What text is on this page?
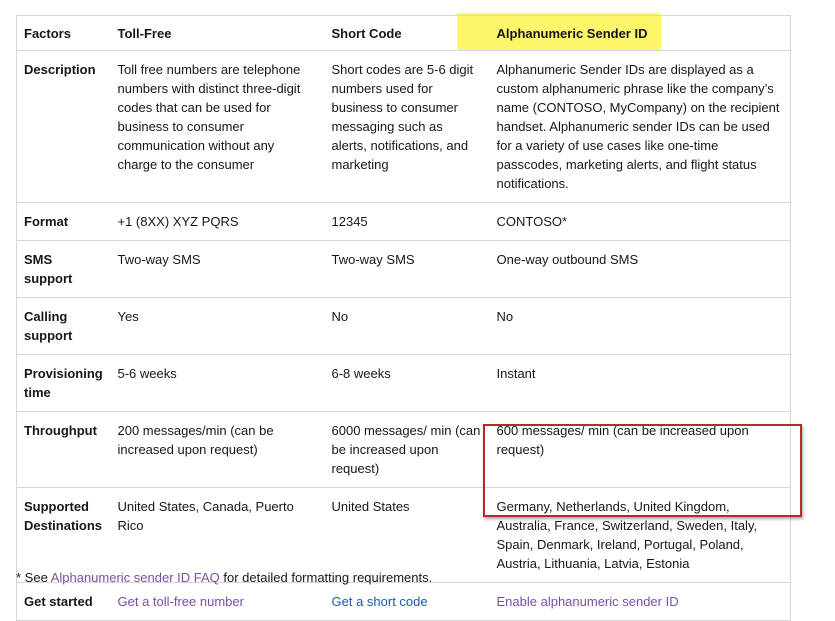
Factors	Toll-Free	Short Code	Alphanumeric Sender ID
Description	Toll free numbers are telephone numbers with distinct three-digit codes that can be used for business to consumer communication without any charge to the consumer	Short codes are 5-6 digit numbers used for business to consumer messaging such as alerts, notifications, and marketing	Alphanumeric Sender IDs are displayed as a custom alphanumeric phrase like the company’s name (CONTOSO, MyCompany) on the recipient handset. Alphanumeric sender IDs can be used for a variety of use cases like one-time passcodes, marketing alerts, and flight status notifications.
Format	+1 (8XX) XYZ PQRS	12345	CONTOSO*
SMS support	Two-way SMS	Two-way SMS	One-way outbound SMS
Calling support	Yes	No	No
Provisioning time	5-6 weeks	6-8 weeks	Instant
Throughput	200 messages/min (can be increased upon request)	6000 messages/ min (can be increased upon request)	600 messages/ min (can be increased upon request)
Supported Destinations	United States, Canada, Puerto Rico	United States	Germany, Netherlands, United Kingdom, Australia, France, Switzerland, Sweden, Italy, Spain, Denmark, Ireland, Portugal, Poland, Austria, Lithuania, Latvia, Estonia
Get started	Get a toll-free number	Get a short code	Enable alphanumeric sender ID
* See Alphanumeric sender ID FAQ for detailed formatting requirements.
